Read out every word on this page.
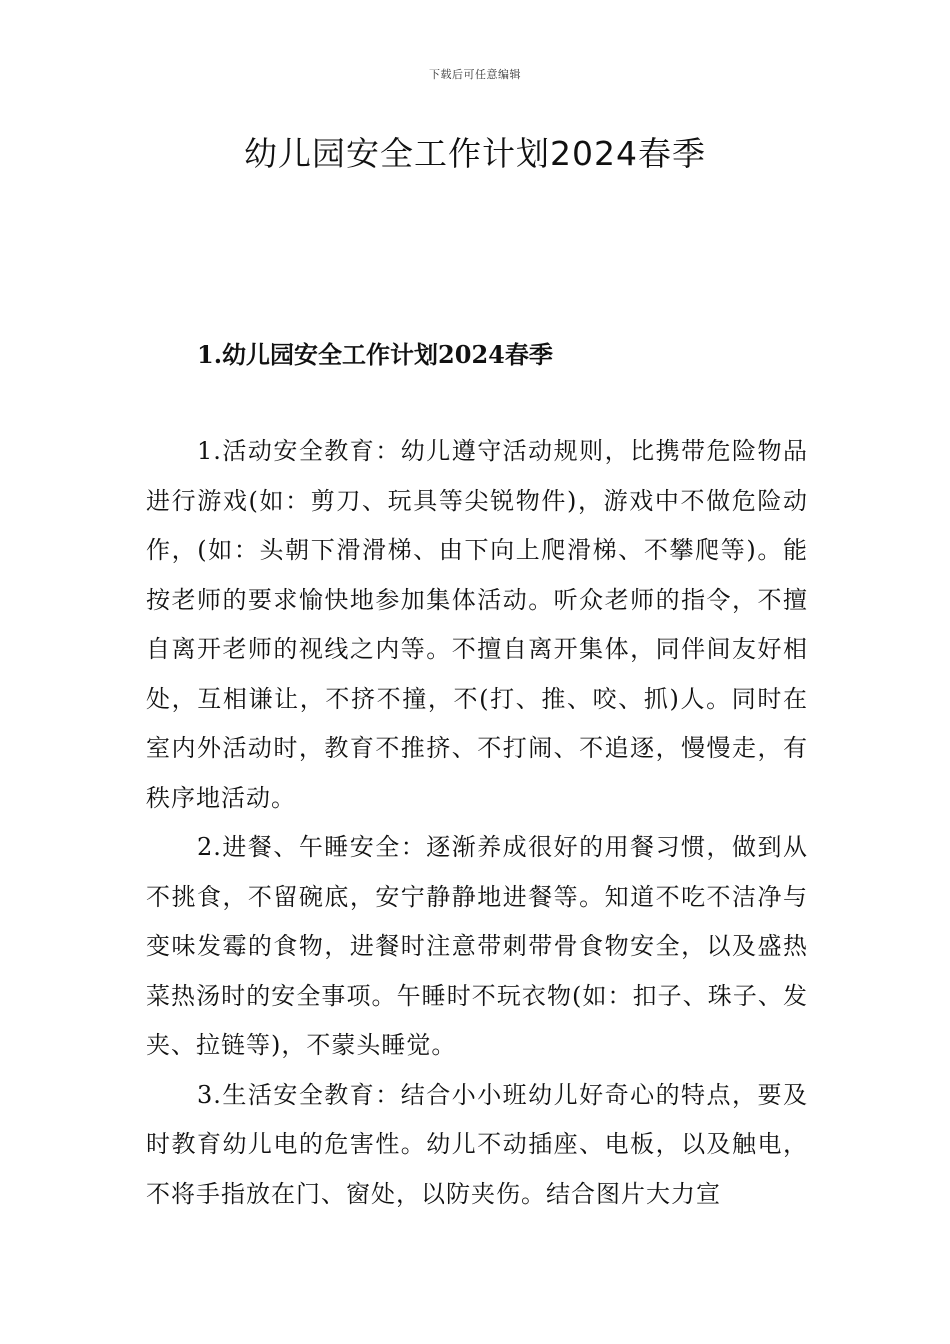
下载后可任意编辑
幼儿园安全工作计划2024春季
1.幼儿园安全工作计划2024春季

1.活动安全教育：幼儿遵守活动规则，比携带危险物品进行游戏(如：剪刀、玩具等尖锐物件)，游戏中不做危险动作，(如：头朝下滑滑梯、由下向上爬滑梯、不攀爬等)。能按老师的要求愉快地参加集体活动。听众老师的指令，不擅自离开老师的视线之内等。不擅自离开集体，同伴间友好相处，互相谦让，不挤不撞，不(打、推、咬、抓)人。同时在室内外活动时，教育不推挤、不打闹、不追逐，慢慢走，有秩序地活动。

2.进餐、午睡安全：逐渐养成很好的用餐习惯，做到从不挑食，不留碗底，安宁静静地进餐等。知道不吃不洁净与变味发霉的食物，进餐时注意带刺带骨食物安全，以及盛热菜热汤时的安全事项。午睡时不玩衣物(如：扣子、珠子、发夹、拉链等)，不蒙头睡觉。

3.生活安全教育：结合小小班幼儿好奇心的特点，要及时教育幼儿电的危害性。幼儿不动插座、电板，以及触电，不将手指放在门、窗处，以防夹伤。结合图片大力宣
